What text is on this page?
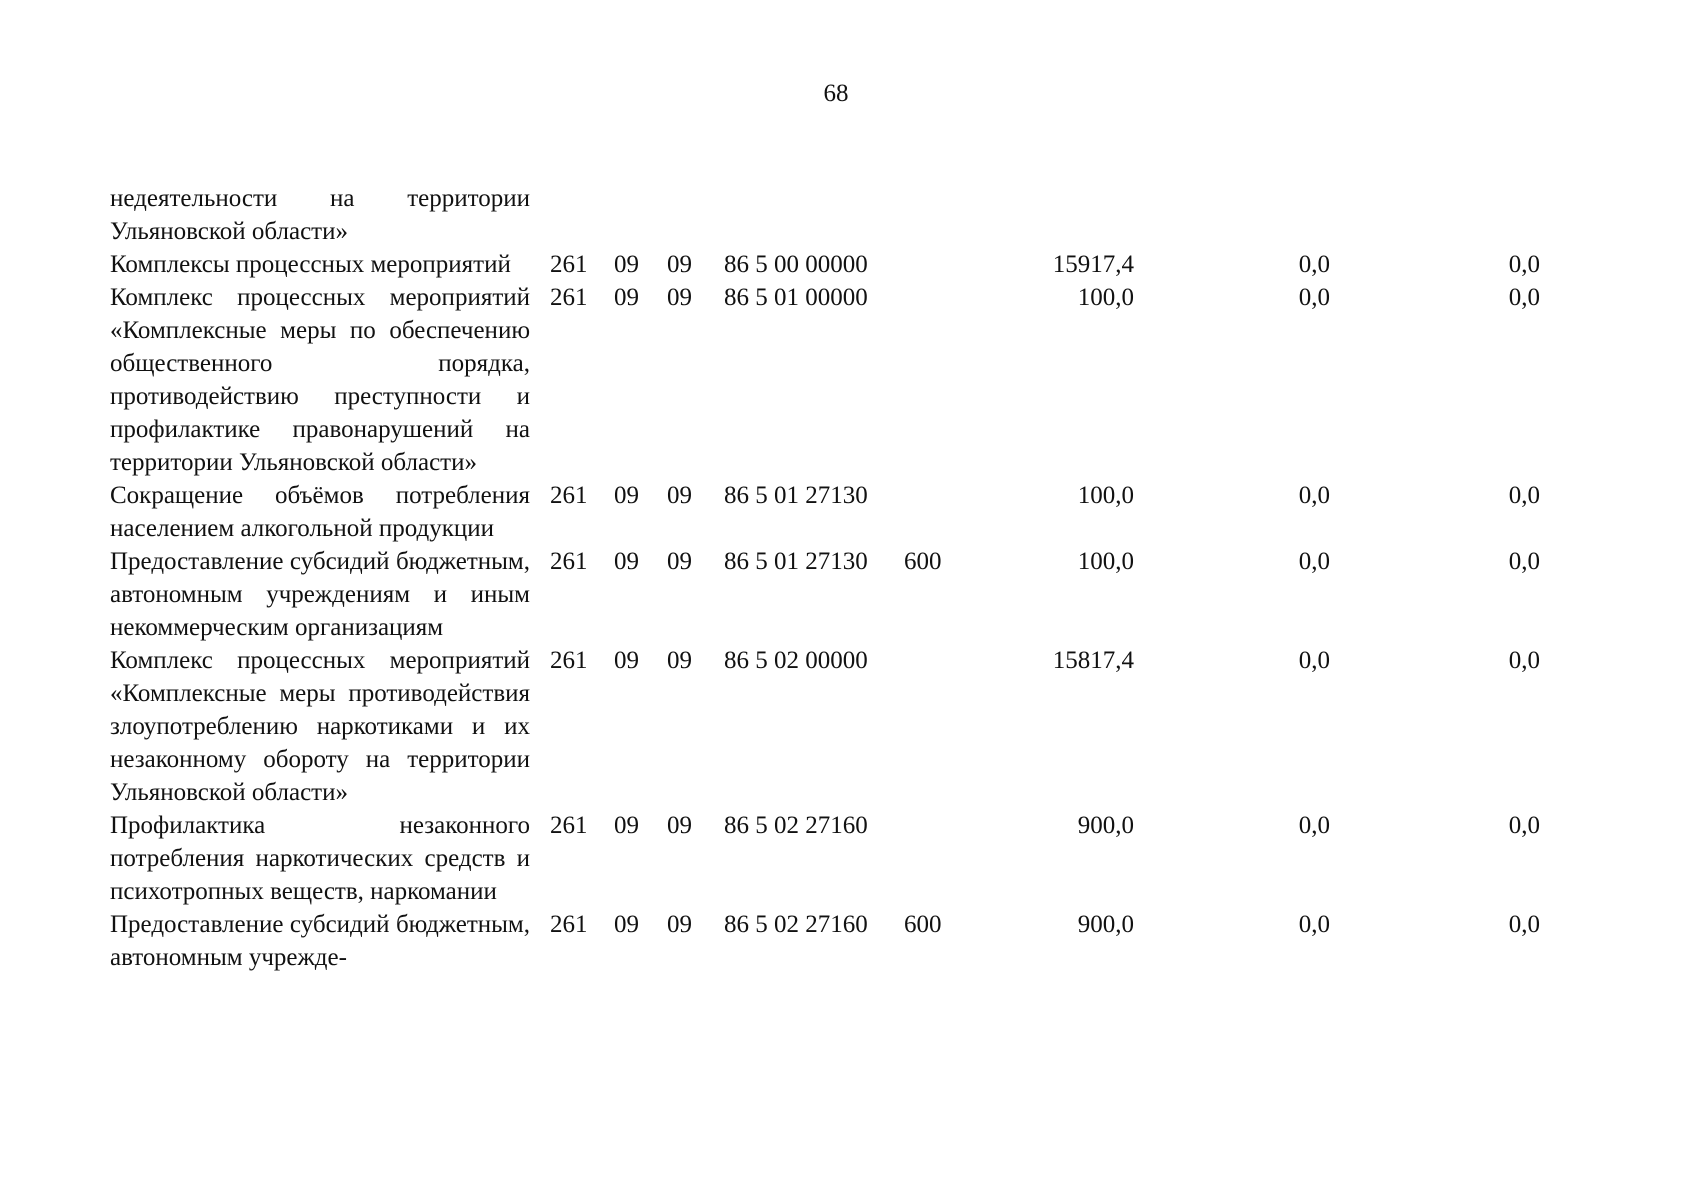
68
недеятельности на территории Ульяновской области»								
Комплексы процессных мероприятий	261	09	09	86 5 00 00000		15917,4	0,0	0,0
Комплекс процессных мероприятий «Комплексные меры по обеспечению общественного порядка, противодействию преступности и профилактике правонарушений на территории Ульяновской области»	261	09	09	86 5 01 00000		100,0	0,0	0,0
Сокращение объёмов потребления населением алкогольной продукции	261	09	09	86 5 01 27130		100,0	0,0	0,0
Предоставление субсидий бюджетным, автономным учреждениям и иным некоммерческим организациям	261	09	09	86 5 01 27130	600	100,0	0,0	0,0
Комплекс процессных мероприятий «Комплексные меры противодействия злоупотреблению наркотиками и их незаконному обороту на территории Ульяновской области»	261	09	09	86 5 02 00000		15817,4	0,0	0,0
Профилактика незаконного потребления наркотических средств и психотропных веществ, наркомании	261	09	09	86 5 02 27160		900,0	0,0	0,0
Предоставление субсидий бюджетным, автономным учрежде-	261	09	09	86 5 02 27160	600	900,0	0,0	0,0
